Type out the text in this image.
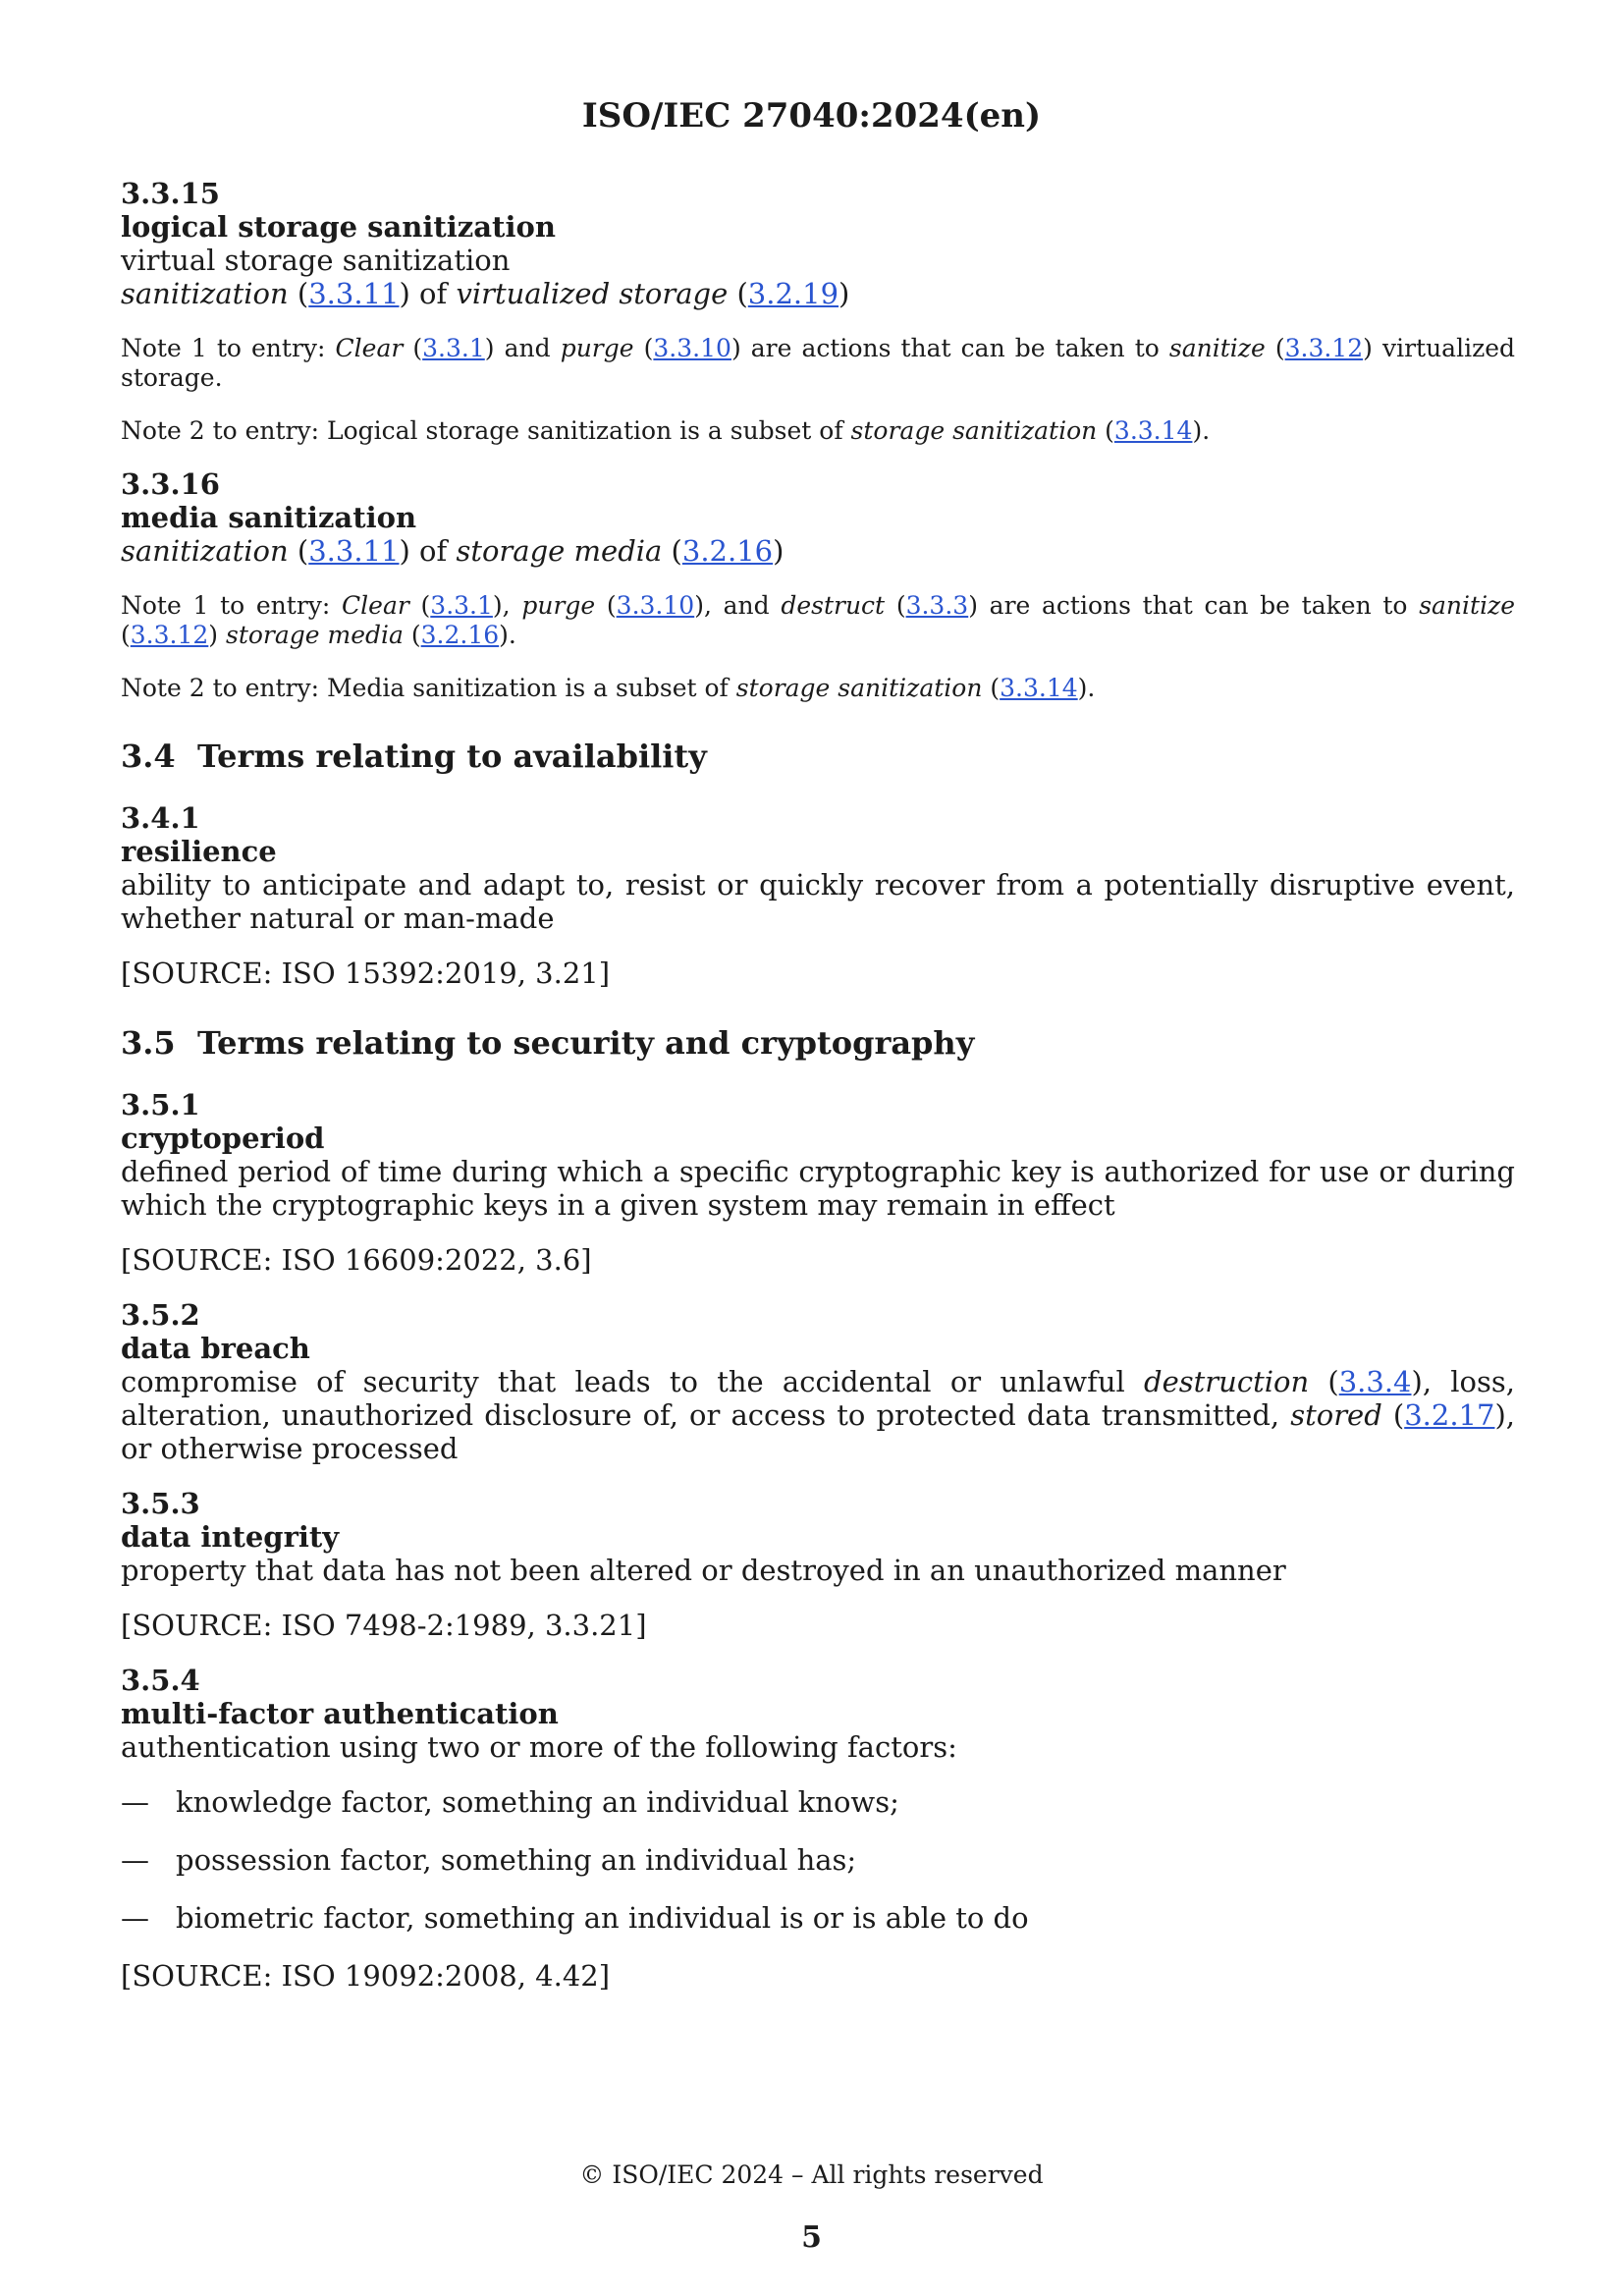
ISO/IEC 27040:2024(en)
3.3.15
logical storage sanitization
virtual storage sanitization
sanitization (3.3.11) of virtualized storage (3.2.19)
Note 1 to entry: Clear (3.3.1) and purge (3.3.10) are actions that can be taken to sanitize (3.3.12) virtualized storage.
Note 2 to entry: Logical storage sanitization is a subset of storage sanitization (3.3.14).
3.3.16
media sanitization
sanitization (3.3.11) of storage media (3.2.16)
Note 1 to entry: Clear (3.3.1), purge (3.3.10), and destruct (3.3.3) are actions that can be taken to sanitize (3.3.12) storage media (3.2.16).
Note 2 to entry: Media sanitization is a subset of storage sanitization (3.3.14).
3.4 Terms relating to availability
3.4.1
resilience
ability to anticipate and adapt to, resist or quickly recover from a potentially disruptive event, whether natural or man-made
[SOURCE: ISO 15392:2019, 3.21]
3.5 Terms relating to security and cryptography
3.5.1
cryptoperiod
defined period of time during which a specific cryptographic key is authorized for use or during which the cryptographic keys in a given system may remain in effect
[SOURCE: ISO 16609:2022, 3.6]
3.5.2
data breach
compromise of security that leads to the accidental or unlawful destruction (3.3.4), loss, alteration, unauthorized disclosure of, or access to protected data transmitted, stored (3.2.17), or otherwise processed
3.5.3
data integrity
property that data has not been altered or destroyed in an unauthorized manner
[SOURCE: ISO 7498-2:1989, 3.3.21]
3.5.4
multi-factor authentication
authentication using two or more of the following factors:
— knowledge factor, something an individual knows;
— possession factor, something an individual has;
— biometric factor, something an individual is or is able to do
[SOURCE: ISO 19092:2008, 4.42]
© ISO/IEC 2024 – All rights reserved
5
